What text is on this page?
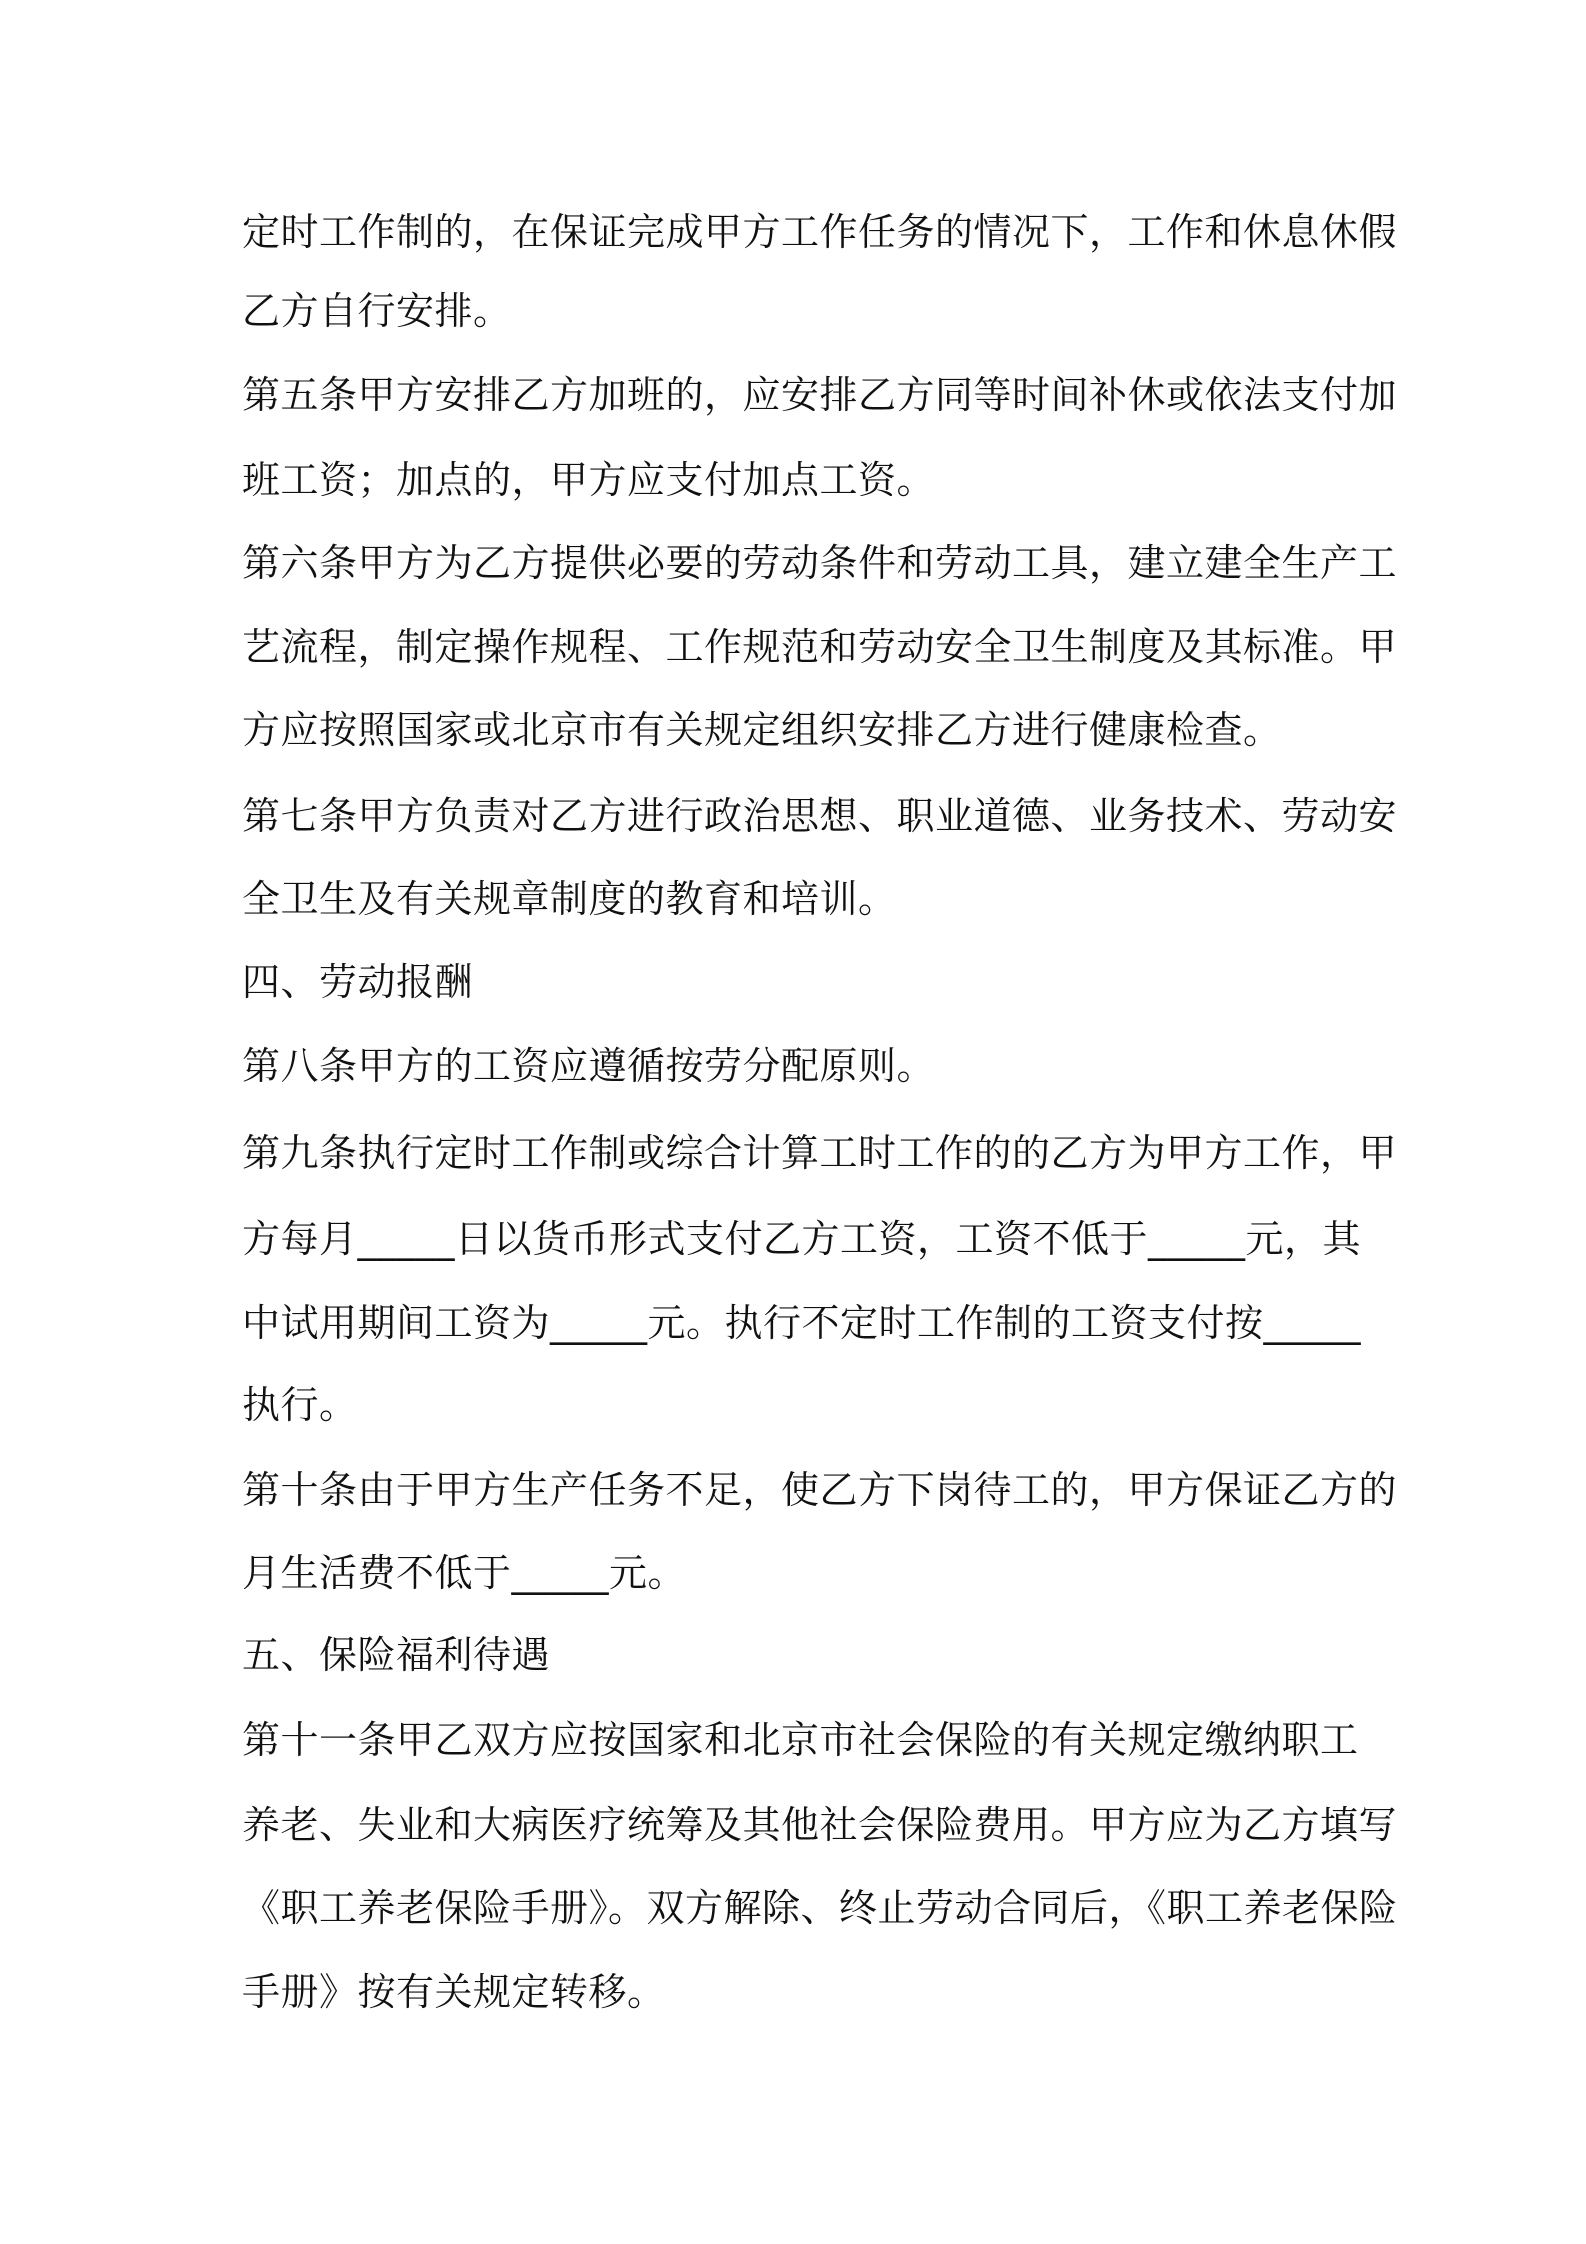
定时工作制的，在保证完成甲方工作任务的情况下，工作和休息休假

乙方自行安排。

第五条甲方安排乙方加班的，应安排乙方同等时间补休或依法支付加

班工资；加点的，甲方应支付加点工资。

第六条甲方为乙方提供必要的劳动条件和劳动工具，建立建全生产工

艺流程，制定操作规程、工作规范和劳动安全卫生制度及其标准。甲

方应按照国家或北京市有关规定组织安排乙方进行健康检查。

第七条甲方负责对乙方进行政治思想、职业道德、业务技术、劳动安

全卫生及有关规章制度的教育和培训。

四、劳动报酬

第八条甲方的工资应遵循按劳分配原则。

第九条执行定时工作制或综合计算工时工作的的乙方为甲方工作，甲

方每月_____日以货币形式支付乙方工资，工资不低于_____元，其

中试用期间工资为_____元。执行不定时工作制的工资支付按_____

执行。

第十条由于甲方生产任务不足，使乙方下岗待工的，甲方保证乙方的

月生活费不低于_____元。

五、保险福利待遇

第十一条甲乙双方应按国家和北京市社会保险的有关规定缴纳职工

养老、失业和大病医疗统筹及其他社会保险费用。甲方应为乙方填写

《职工养老保险手册》。双方解除、终止劳动合同后，《职工养老保险

手册》按有关规定转移。
